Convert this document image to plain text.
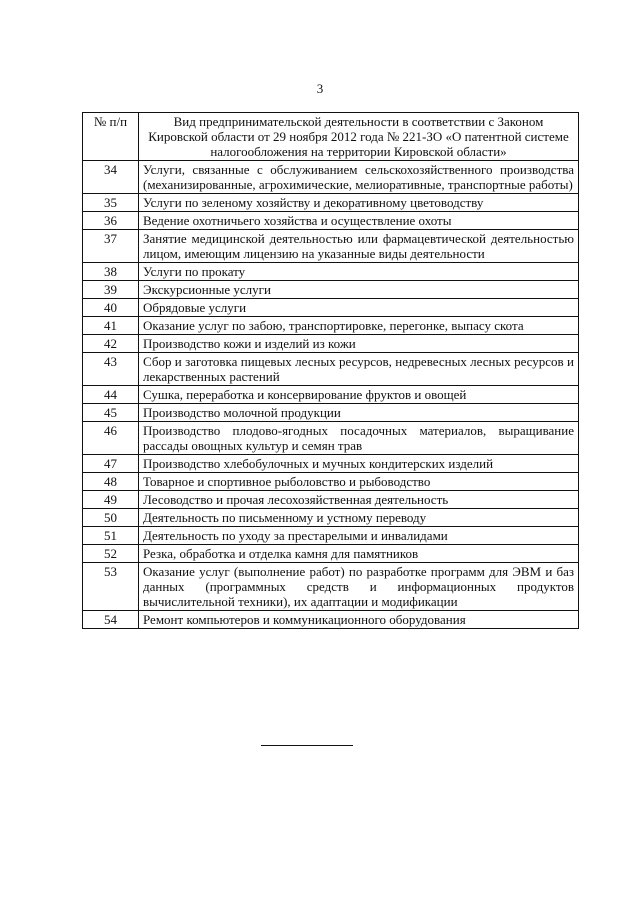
3
№ п/п	Вид предпринимательской деятельности в соответствии с Законом Кировской области от 29 ноября 2012 года № 221-ЗО «О патентной системе налогообложения на территории Кировской области»
34	Услуги, связанные с обслуживанием сельскохозяйственного производства (механизированные, агрохимические, мелиоративные, транспортные работы)
35	Услуги по зеленому хозяйству и декоративному цветоводству
36	Ведение охотничьего хозяйства и осуществление охоты
37	Занятие медицинской деятельностью или фармацевтической деятельностью лицом, имеющим лицензию на указанные виды деятельности
38	Услуги по прокату
39	Экскурсионные услуги
40	Обрядовые услуги
41	Оказание услуг по забою, транспортировке, перегонке, выпасу скота
42	Производство кожи и изделий из кожи
43	Сбор и заготовка пищевых лесных ресурсов, недревесных лесных ресурсов и лекарственных растений
44	Сушка, переработка и консервирование фруктов и овощей
45	Производство молочной продукции
46	Производство плодово-ягодных посадочных материалов, выращивание рассады овощных культур и семян трав
47	Производство хлебобулочных и мучных кондитерских изделий
48	Товарное и спортивное рыболовство и рыбоводство
49	Лесоводство и прочая лесохозяйственная деятельность
50	Деятельность по письменному и устному переводу
51	Деятельность по уходу за престарелыми и инвалидами
52	Резка, обработка и отделка камня для памятников
53	Оказание услуг (выполнение работ) по разработке программ для ЭВМ и баз данных (программных средств и информационных продуктов вычислительной техники), их адаптации и модификации
54	Ремонт компьютеров и коммуникационного оборудования
